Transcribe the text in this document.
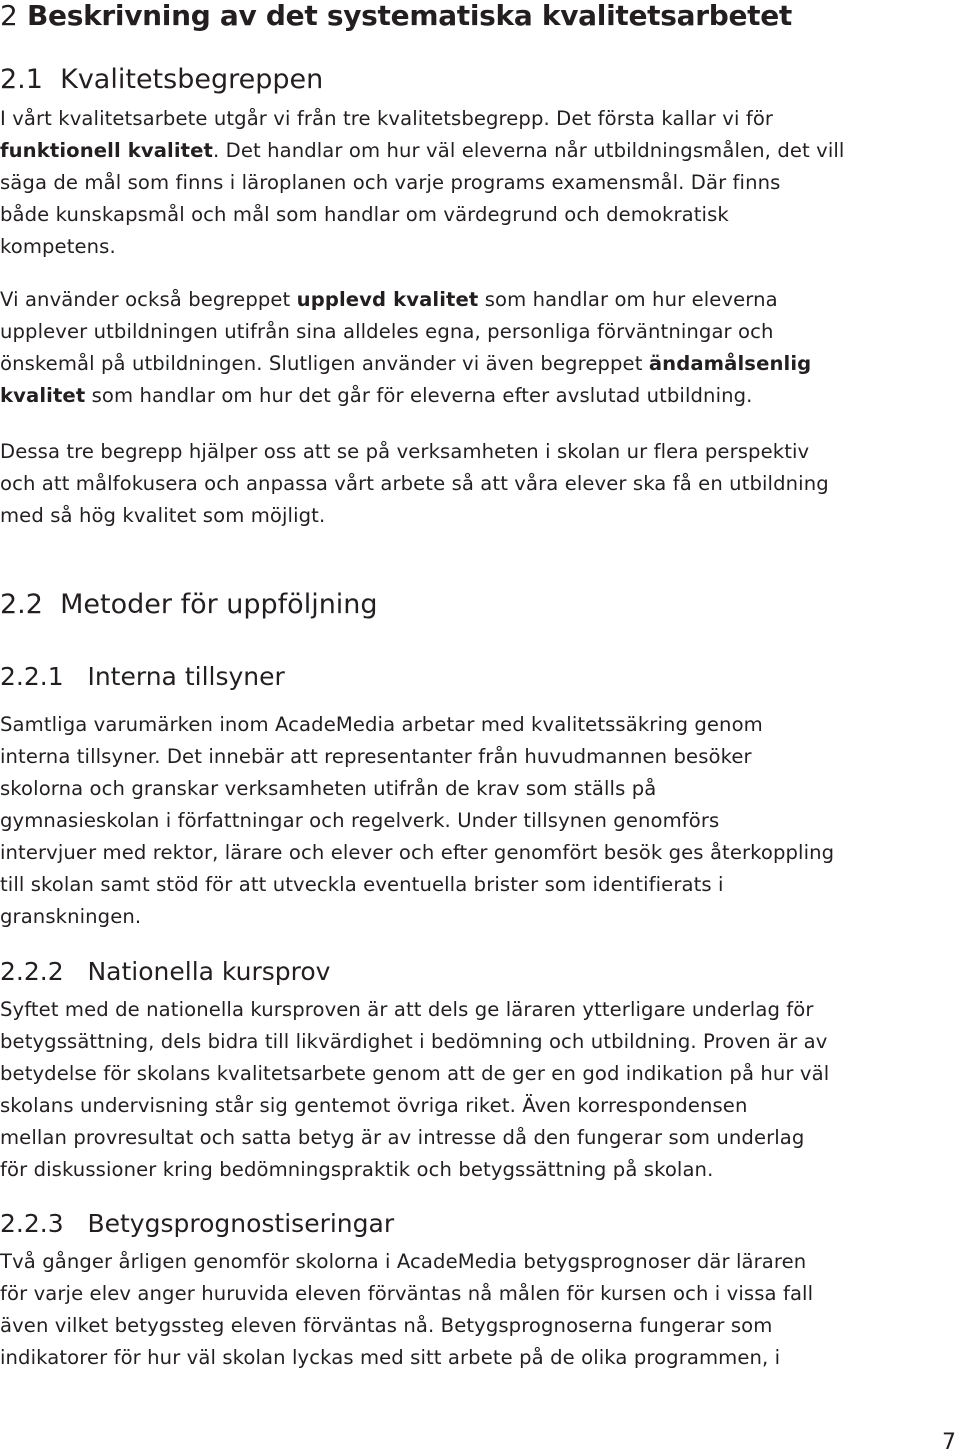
2 Beskrivning av det systematiska kvalitetsarbetet
2.1 Kvalitetsbegreppen
I vårt kvalitetsarbete utgår vi från tre kvalitetsbegrepp. Det första kallar vi för
funktionell kvalitet. Det handlar om hur väl eleverna når utbildningsmålen, det vill
säga de mål som finns i läroplanen och varje programs examensmål. Där finns
både kunskapsmål och mål som handlar om värdegrund och demokratisk
kompetens.
Vi använder också begreppet upplevd kvalitet som handlar om hur eleverna
upplever utbildningen utifrån sina alldeles egna, personliga förväntningar och
önskemål på utbildningen. Slutligen använder vi även begreppet ändamålsenlig
kvalitet som handlar om hur det går för eleverna efter avslutad utbildning.
Dessa tre begrepp hjälper oss att se på verksamheten i skolan ur flera perspektiv
och att målfokusera och anpassa vårt arbete så att våra elever ska få en utbildning
med så hög kvalitet som möjligt.
2.2 Metoder för uppföljning
2.2.1 Interna tillsyner
Samtliga varumärken inom AcadeMedia arbetar med kvalitetssäkring genom
interna tillsyner. Det innebär att representanter från huvudmannen besöker
skolorna och granskar verksamheten utifrån de krav som ställs på
gymnasieskolan i författningar och regelverk. Under tillsynen genomförs
intervjuer med rektor, lärare och elever och efter genomfört besök ges återkoppling
till skolan samt stöd för att utveckla eventuella brister som identifierats i
granskningen.
2.2.2 Nationella kursprov
Syftet med de nationella kursproven är att dels ge läraren ytterligare underlag för
betygssättning, dels bidra till likvärdighet i bedömning och utbildning. Proven är av
betydelse för skolans kvalitetsarbete genom att de ger en god indikation på hur väl
skolans undervisning står sig gentemot övriga riket. Även korrespondensen
mellan provresultat och satta betyg är av intresse då den fungerar som underlag
för diskussioner kring bedömningspraktik och betygssättning på skolan.
2.2.3 Betygsprognostiseringar
Två gånger årligen genomför skolorna i AcadeMedia betygsprognoser där läraren
för varje elev anger huruvida eleven förväntas nå målen för kursen och i vissa fall
även vilket betygssteg eleven förväntas nå. Betygsprognoserna fungerar som
indikatorer för hur väl skolan lyckas med sitt arbete på de olika programmen, i
7
